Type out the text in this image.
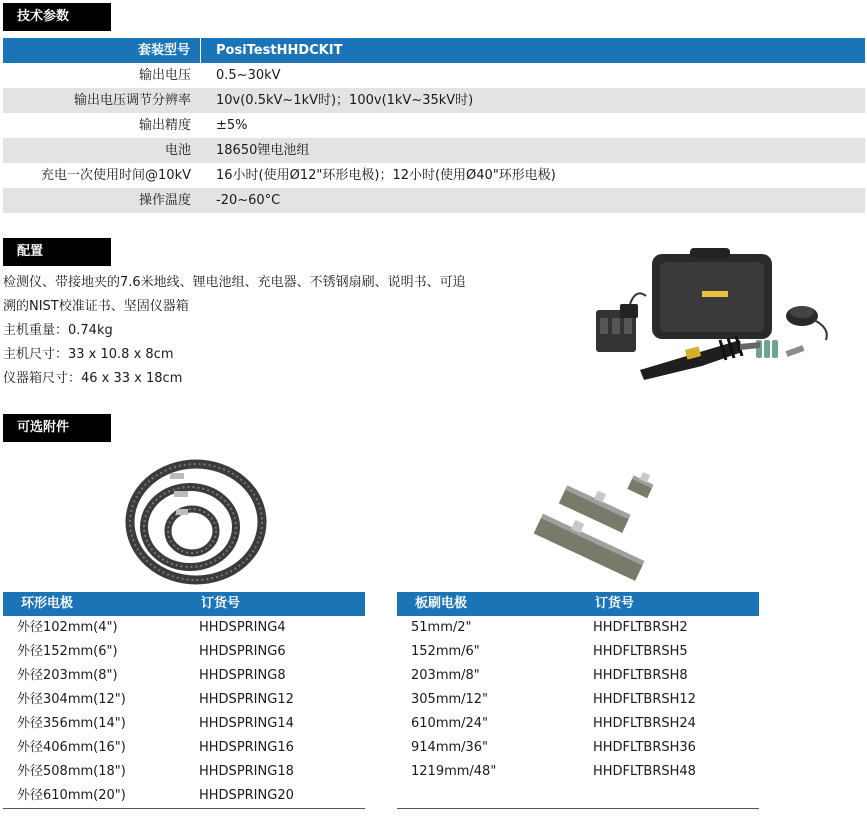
技术参数
套装型号	PosiTestHHDCKIT
输出电压	0.5~30kV
输出电压调节分辨率	10v(0.5kV~1kV时)；100v(1kV~35kV时)
输出精度	±5%
电池	18650锂电池组
充电一次使用时间@10kV	16小时(使用Ø12"环形电极)；12小时(使用Ø40"环形电极)
操作温度	-20~60°C
配置
检测仪、带接地夹的7.6米地线、锂电池组、充电器、不锈钢扇刷、说明书、可追
溯的NIST校准证书、坚固仪器箱
主机重量：0.74kg
主机尺寸：33 x 10.8 x 8cm
仪器箱尺寸：46 x 33 x 18cm
可选附件
环形电极	订货号
外径102mm(4")	HHDSPRING4
外径152mm(6")	HHDSPRING6
外径203mm(8")	HHDSPRING8
外径304mm(12")	HHDSPRING12
外径356mm(14")	HHDSPRING14
外径406mm(16")	HHDSPRING16
外径508mm(18")	HHDSPRING18
外径610mm(20")	HHDSPRING20
板刷电极	订货号
51mm/2"	HHDFLTBRSH2
152mm/6"	HHDFLTBRSH5
203mm/8"	HHDFLTBRSH8
305mm/12"	HHDFLTBRSH12
610mm/24"	HHDFLTBRSH24
914mm/36"	HHDFLTBRSH36
1219mm/48"	HHDFLTBRSH48
